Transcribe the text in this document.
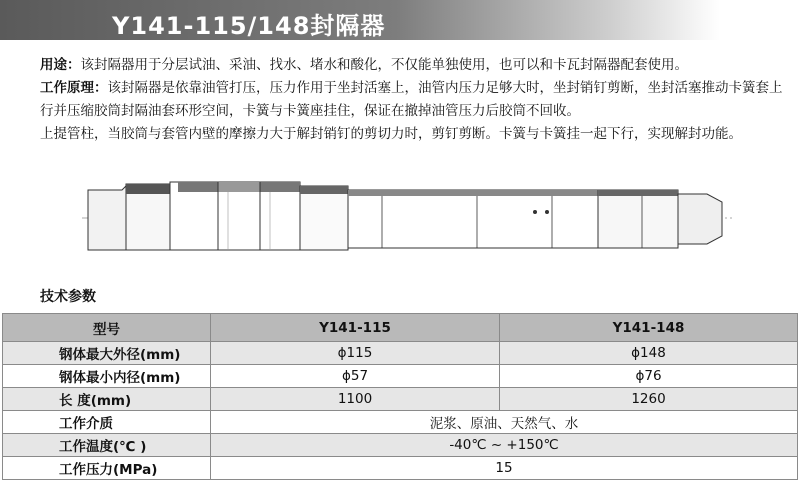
Y141-115/148封隔器

用途：该封隔器用于分层试油、采油、找水、堵水和酸化，不仅能单独使用，也可以和卡瓦封隔器配套使用。

工作原理：该封隔器是依靠油管打压，压力作用于坐封活塞上，油管内压力足够大时，坐封销钉剪断，坐封活塞推动卡簧套上行并压缩胶筒封隔油套环形空间，卡簧与卡簧座挂住，保证在撤掉油管压力后胶筒不回收。

上提管柱，当胶筒与套管内壁的摩擦力大于解封销钉的剪切力时，剪钉剪断。卡簧与卡簧挂一起下行，实现解封功能。

技术参数
型号	Y141-115	Y141-148
钢体最大外径(mm)	ϕ115	ϕ148
钢体最小内径(mm)	ϕ57	ϕ76
长 度(mm)	1100	1260
工作介质	泥浆、原油、天然气、水	
工作温度(℃ )	-40℃ ~ +150℃	
工作压力(MPa)	15	
